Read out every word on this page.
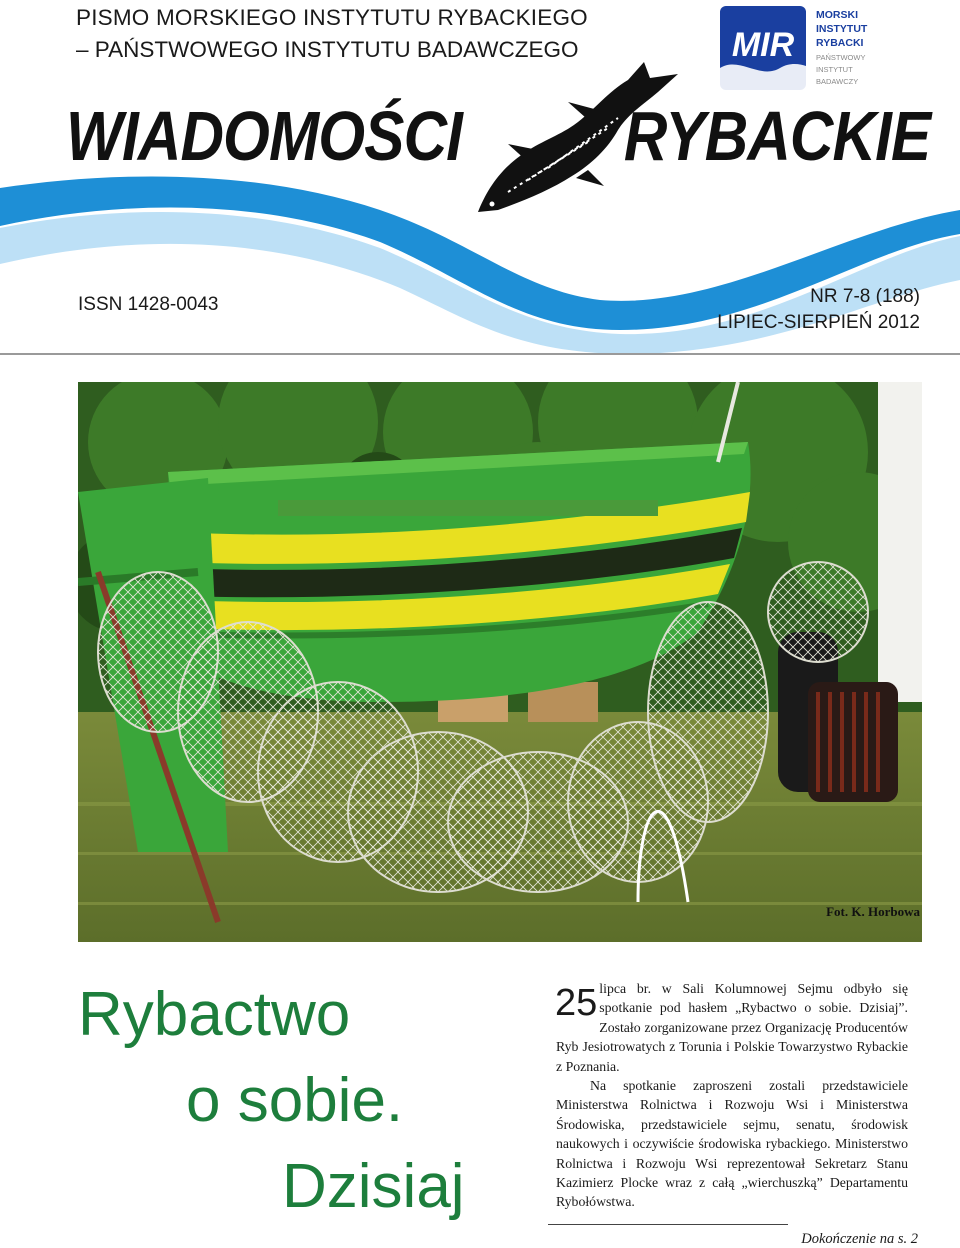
PISMO MORSKIEGO INSTYTUTU RYBACKIEGO
– PAŃSTWOWEGO INSTYTUTU BADAWCZEGO	MIR
MORSKI
INSTYTUT
RYBACKI
PAŃSTWOWY
INSTYTUT
BADAWCZY
WIADOMOŚCI RYBACKIE
ISSN 1428-0043	NR 7-8 (188)
LIPIEC-SIERPIEŃ 2012
Fot. K. Horbowa
Rybactwo
o sobie.
Dzisiaj

25 lipca br. w Sali Kolumnowej Sejmu odbyło się spotkanie pod hasłem „Rybactwo o sobie. Dzisiaj”. Zostało zorganizowane przez Organizację Producentów Ryb Jesiotrowatych z Torunia i Polskie Towarzystwo Rybackie z Poznania.

Na spotkanie zaproszeni zostali przedstawiciele Ministerstwa Rolnictwa i Rozwoju Wsi i Ministerstwa Środowiska, przedstawiciele sejmu, senatu, środowisk naukowych i oczywiście środowiska rybackiego. Ministerstwo Rolnictwa i Rozwoju Wsi reprezentował Sekretarz Stanu Kazimierz Plocke wraz z całą „wierchuszką” Departamentu Rybołówstwa.

Dokończenie na s. 2
